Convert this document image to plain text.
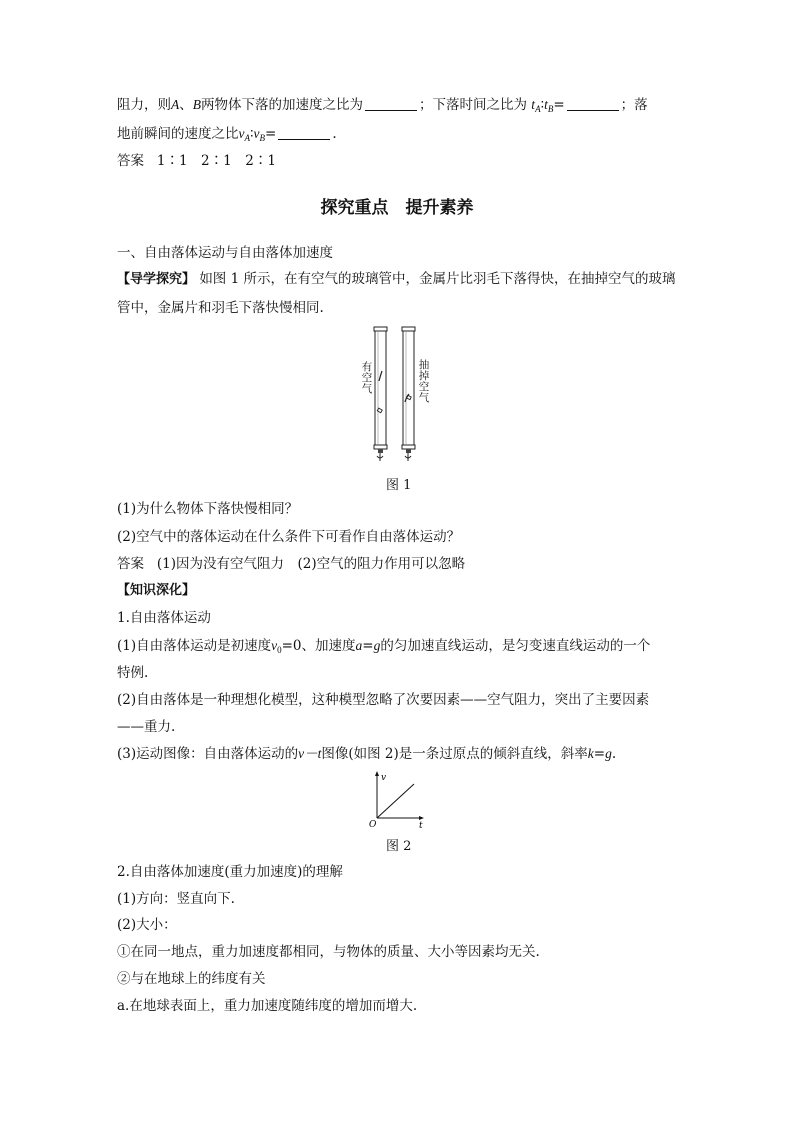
阻力，则A、B两物体下落的加速度之比为	；下落时间之比为 $t_A∶t_B=$	；落
地前瞬间的速度之比$v_A∶v_B=$	.
答案 1∶1　2∶1　2∶1
探究重点　提升素养
一、自由落体运动与自由落体加速度
【导学探究】 如图 1 所示，在有空气的玻璃管中，金属片比羽毛下落得快，在抽掉空气的玻璃
管中，金属片和羽毛下落快慢相同.
有空气
抽掉空气
图 1
(1)为什么物体下落快慢相同？
(2)空气中的落体运动在什么条件下可看作自由落体运动？
答案 (1)因为没有空气阻力　(2)空气的阻力作用可以忽略
【知识深化】
1.自由落体运动
(1)自由落体运动是初速度$v_0=0$、加速度a=g的匀加速直线运动，是匀变速直线运动的一个
特例.
(2)自由落体是一种理想化模型，这种模型忽略了次要因素——空气阻力，突出了主要因素
——重力.
(3)运动图像：自由落体运动的v－t图像(如图 2)是一条过原点的倾斜直线，斜率k=g.
v
t
O
图 2
2.自由落体加速度(重力加速度)的理解
(1)方向：竖直向下.
(2)大小：
①在同一地点，重力加速度都相同，与物体的质量、大小等因素均无关.
②与在地球上的纬度有关
a.在地球表面上，重力加速度随纬度的增加而增大.
